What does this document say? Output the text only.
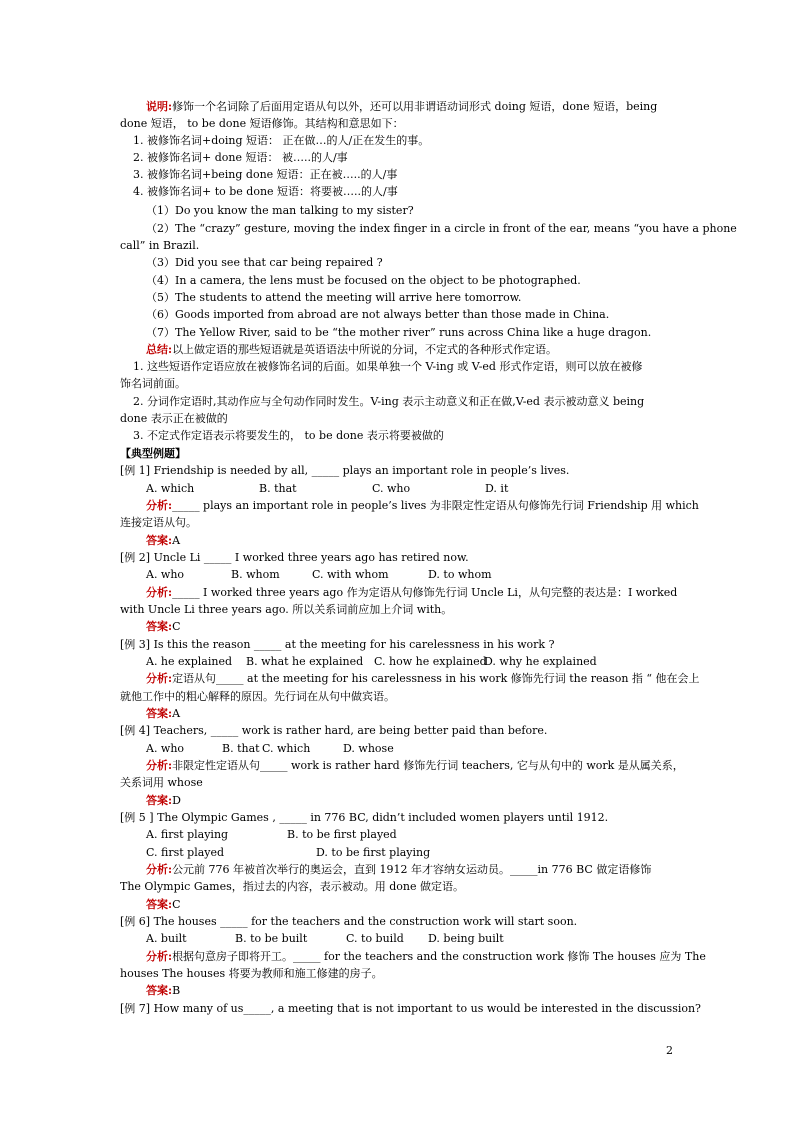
说明:修饰一个名词除了后面用定语从句以外，还可以用非谓语动词形式 doing 短语，done 短语，being
done 短语， to be done 短语修饰。其结构和意思如下：
1. 被修饰名词+doing 短语： 正在做…的人/正在发生的事。
2. 被修饰名词+ done 短语： 被…..的人/事
3. 被修饰名词+being done 短语：正在被…..的人/事
4. 被修饰名词+ to be done 短语：将要被…..的人/事
（1）Do you know the man talking to my sister?
（2）The “crazy” gesture, moving the index finger in a circle in front of the ear, means “you have a phone
call” in Brazil.
（3）Did you see that car being repaired ?
（4）In a camera, the lens must be focused on the object to be photographed.
（5）The students to attend the meeting will arrive here tomorrow.
（6）Goods imported from abroad are not always better than those made in China.
（7）The Yellow River, said to be “the mother river” runs across China like a huge dragon.
总结:以上做定语的那些短语就是英语语法中所说的分词，不定式的各种形式作定语。
1. 这些短语作定语应放在被修饰名词的后面。如果单独一个 V-ing 或 V-ed 形式作定语，则可以放在被修
饰名词前面。
2. 分词作定语时,其动作应与全句动作同时发生。V-ing 表示主动意义和正在做,V-ed 表示被动意义 being
done 表示正在被做的
3. 不定式作定语表示将要发生的， to be done 表示将要被做的
【典型例题】
[例 1] Friendship is needed by all, _____ plays an important role in people’s lives.
A. which	B. that	C. who	D. it
分析:_____ plays an important role in people’s lives 为非限定性定语从句修饰先行词 Friendship 用 which
连接定语从句。
答案:A
[例 2] Uncle Li _____ I worked three years ago has retired now.
A. who	B. whom	C. with whom	D. to whom
分析:_____ I worked three years ago 作为定语从句修饰先行词 Uncle Li，从句完整的表达是：I worked
with Uncle Li three years ago. 所以关系词前应加上介词 with。
答案:C
[例 3] Is this the reason _____ at the meeting for his carelessness in his work ?
A. he explained B. what he explained C. how he explained
D. why he explained
分析:定语从句_____ at the meeting for his carelessness in his work 修饰先行词 the reason 指 “ 他在会上
就他工作中的粗心解释的原因。先行词在从句中做宾语。
答案:A
[例 4] Teachers, _____ work is rather hard, are being better paid than before.
A. who	B. that C. which	D. whose
分析:非限定性定语从句_____ work is rather hard 修饰先行词 teachers, 它与从句中的 work 是从属关系，
关系词用 whose
答案:D
[例 5 ] The Olympic Games , _____ in 776 BC, didn’t included women players until 1912.
A. first playing	B. to be first played
C. first played	D. to be first playing
分析:公元前 776 年被首次举行的奥运会，直到 1912 年才容纳女运动员。_____in 776 BC 做定语修饰
The Olympic Games，指过去的内容，表示被动。用 done 做定语。
答案:C
[例 6] The houses _____ for the teachers and the construction work will start soon.
A. built	B. to be built	C. to build D. being built
分析:根据句意房子即将开工。_____ for the teachers and the construction work 修饰 The houses 应为 The
houses The houses 将要为教师和施工修建的房子。
答案:B
[例 7] How many of us_____, a meeting that is not important to us would be interested in the discussion?
2
